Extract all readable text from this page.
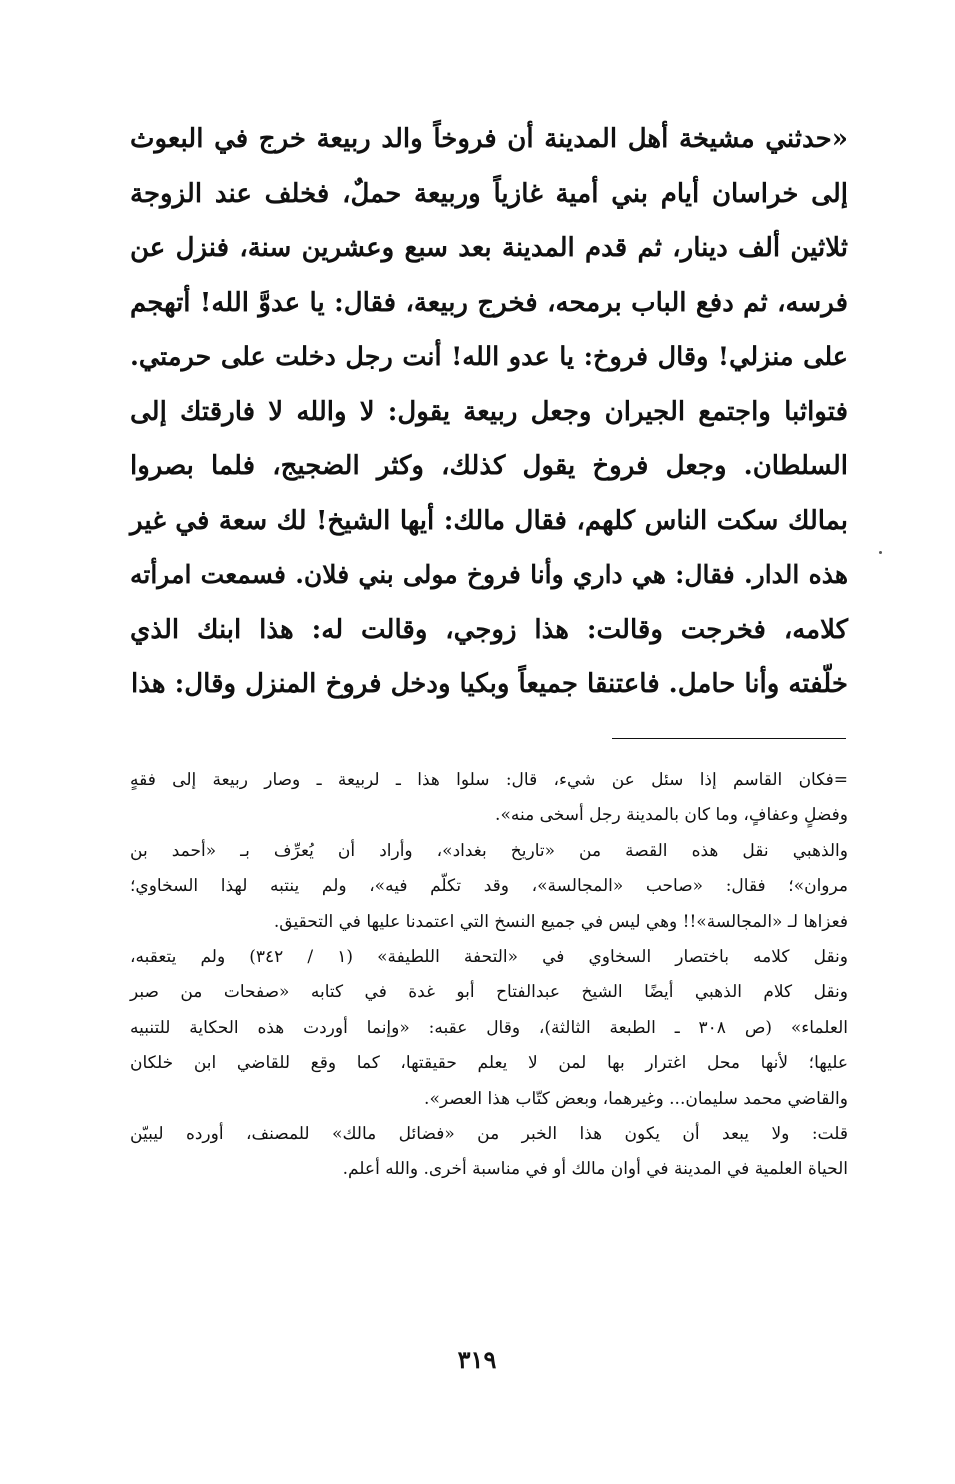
«حدثني مشيخة أهل المدينة أن فروخاً والد ربيعة خرج في البعوث
إلى خراسان أيام بني أمية غازياً وربيعة حملٌ، فخلف عند الزوجة
ثلاثين ألف دينار، ثم قدم المدينة بعد سبع وعشرين سنة، فنزل عن
فرسه، ثم دفع الباب برمحه، فخرج ربيعة، فقال: يا عدوَّ الله! أتهجم
على منزلي! وقال فروخ: يا عدو الله! أنت رجل دخلت على حرمتي.
فتواثبا واجتمع الجيران وجعل ربيعة يقول: لا والله لا فارقتك إلى
السلطان. وجعل فروخ يقول كذلك، وكثر الضجيج، فلما بصروا
بمالك سكت الناس كلهم، فقال مالك: أيها الشيخ! لك سعة في غير
هذه الدار. فقال: هي داري وأنا فروخ مولى بني فلان. فسمعت امرأته
كلامه، فخرجت وقالت: هذا زوجي، وقالت له: هذا ابنك الذي
خلّفته وأنا حامل. فاعتنقا جميعاً وبكيا ودخل فروخ المنزل وقال: هذا
=فكان القاسم إذا سئل عن شيء، قال: سلوا هذا ـ لربيعة ـ وصار ربيعة إلى فقهٍ
وفضلٍ وعفافٍ، وما كان بالمدينة رجل أسخى منه».
والذهبي نقل هذه القصة من «تاريخ بغداد»، وأراد أن يُعرِّف بـ «أحمد بن
مروان»؛ فقال: «صاحب «المجالسة»، وقد تكلّم فيه»، ولم ينتبه لهذا السخاوي؛
فعزاها لـ «المجالسة»!! وهي ليس في جميع النسخ التي اعتمدنا عليها في التحقيق.
ونقل كلامه باختصار السخاوي في «التحفة اللطيفة» (١ / ٣٤٢) ولم يتعقبه،
ونقل كلام الذهبي أيضًا الشيخ عبدالفتاح أبو غدة في كتابه «صفحات من صبر
العلماء» (ص ٣٠٨ ـ الطبعة الثالثة)، وقال عقبه: «وإنما أوردت هذه الحكاية للتنبيه
عليها؛ لأنها محل اغترار بها لمن لا يعلم حقيقتها، كما وقع للقاضي ابن خلكان
والقاضي محمد سليمان... وغيرهما، وبعض كتّاب هذا العصر».
قلت: ولا يبعد أن يكون هذا الخبر من «فضائل مالك» للمصنف، أورده ليبيّن
الحياة العلمية في المدينة في أوان مالك أو في مناسبة أخرى. والله أعلم.
٣١٩
